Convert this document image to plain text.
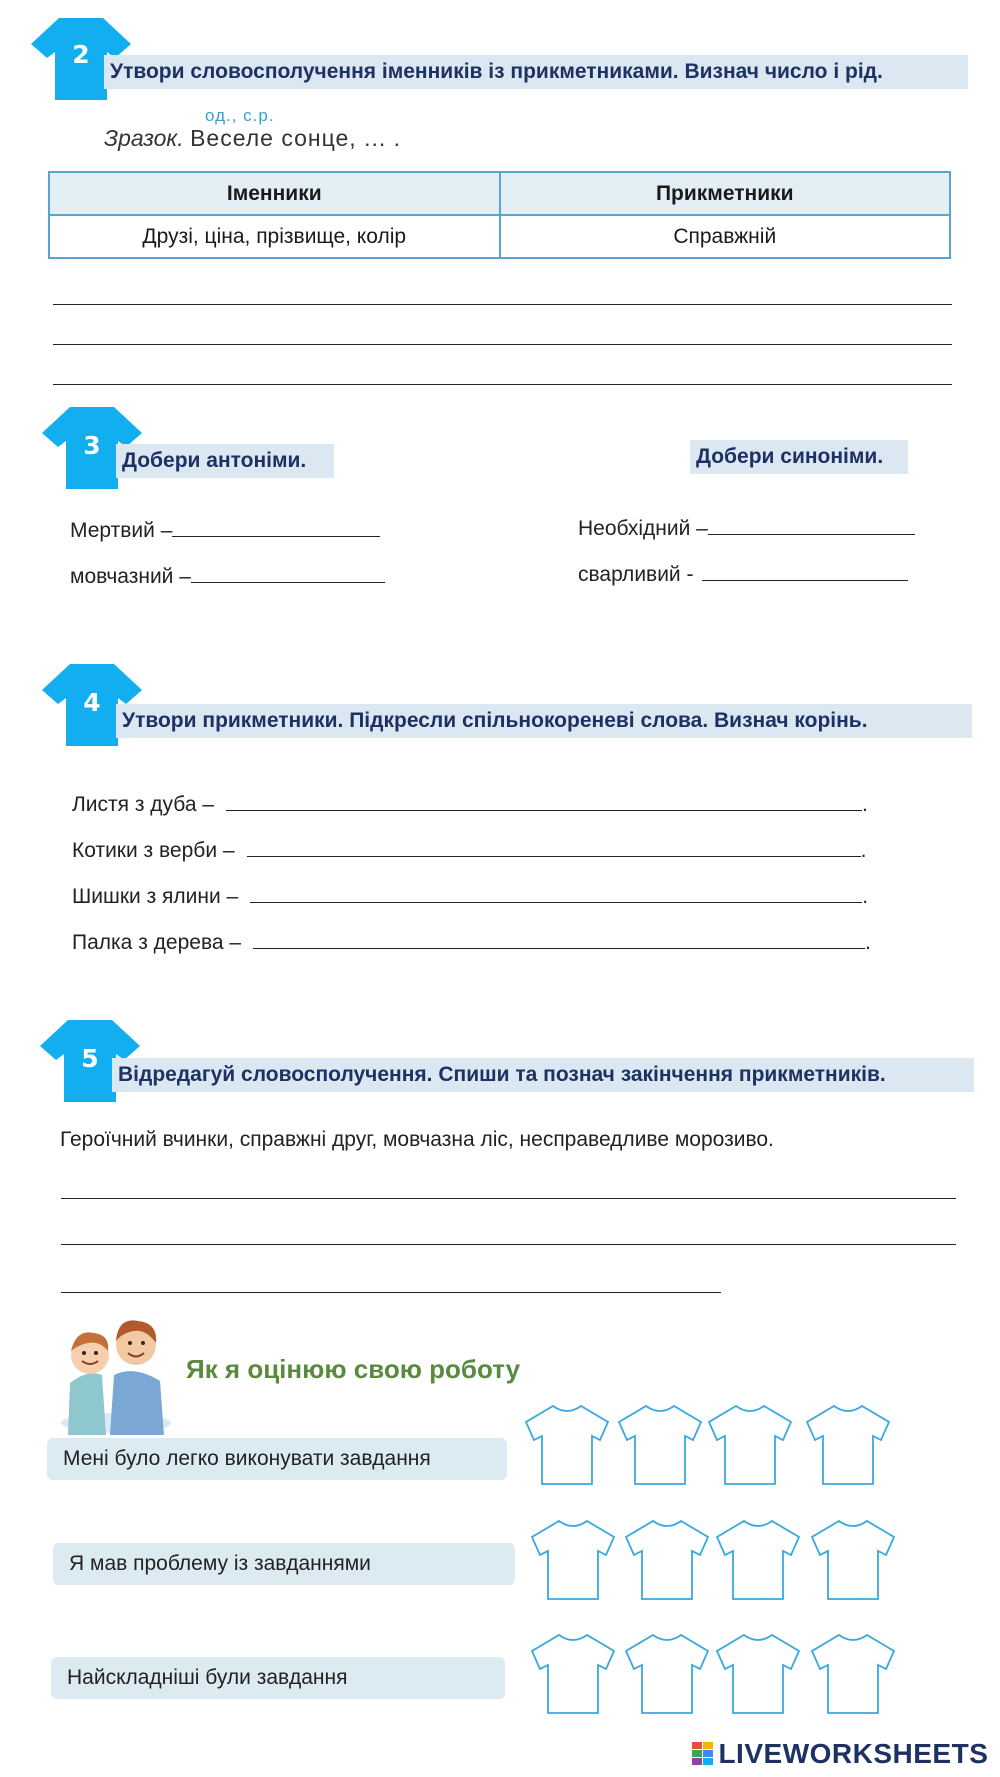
2
Утвори словосполучення іменників із прикметниками. Визнач число і рід.
од., с.р.
Зразок. Веселе сонце, ... .
Іменники	Прикметники
Друзі, ціна, прізвище, колір	Справжній
3
Добери антоніми.	Добери синоніми.
Мертвий –
мовчазний –
Необхідний –
сварливий -
4
Утвори прикметники. Підкресли спільнокореневі слова. Визнач корінь.
Листя з дуба –	.
Котики з верби –	.
Шишки з ялини –	.
Палка з дерева –	.
5
Відредагуй словосполучення. Спиши та познач закінчення прикметників.
Героїчний вчинки, справжні друг, мовчазна ліс, несправедливе морозиво.
Як я оцінюю свою роботу
Мені було легко виконувати завдання
Я мав проблему із завданнями
Найскладніші були завдання
LIVEWORKSHEETS
